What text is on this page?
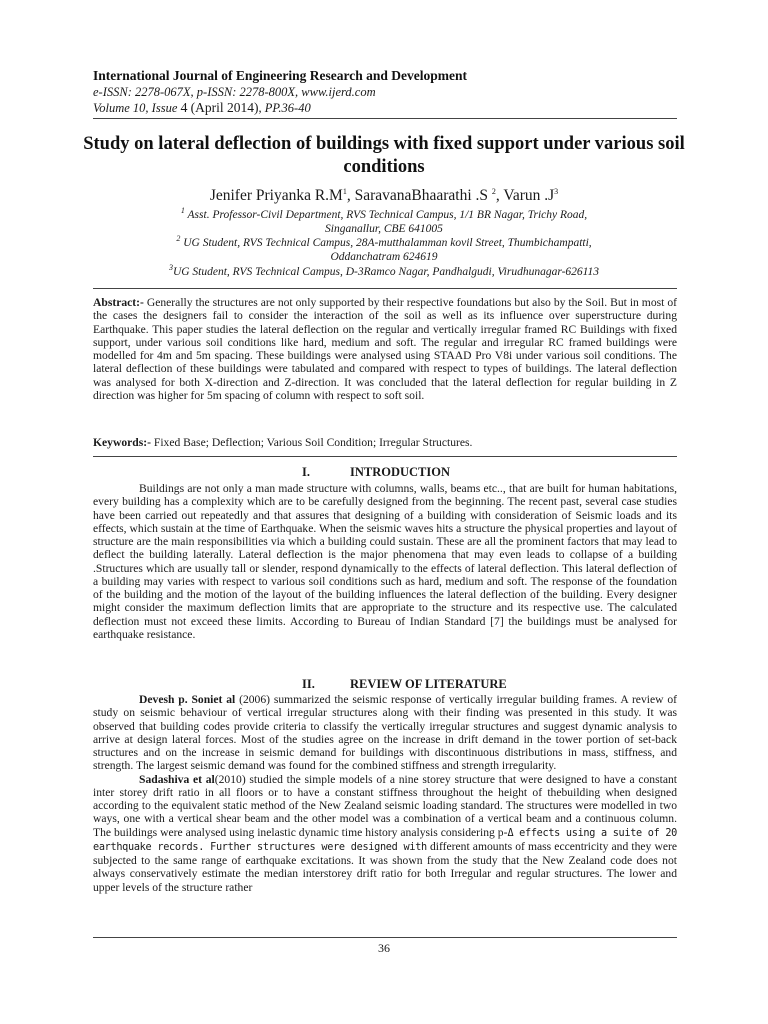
International Journal of Engineering Research and Development
e-ISSN: 2278-067X, p-ISSN: 2278-800X, www.ijerd.com
Volume 10, Issue 4 (April 2014), PP.36-40
Study on lateral deflection of buildings with fixed support under various soil conditions
Jenifer Priyanka $R.M^1$, SaravanaBhaarathi .S $^2$, Varun $.J^3$
$^1$ Asst. Professor-Civil Department, RVS Technical Campus, 1/1 BR Nagar, Trichy Road,
Singanallur, CBE 641005
$^2$ UG Student, RVS Technical Campus, 28A-mutthalamman kovil Street, Thumbichampatti,
Oddanchatram 624619
$^3$UG Student, RVS Technical Campus, D-3Ramco Nagar, Pandhalgudi, Virudhunagar-626113

Abstract:- Generally the structures are not only supported by their respective foundations but also by the Soil. But in most of the cases the designers fail to consider the interaction of the soil as well as its influence over superstructure during Earthquake. This paper studies the lateral deflection on the regular and vertically irregular framed RC Buildings with fixed support, under various soil conditions like hard, medium and soft. The regular and irregular RC framed buildings were modelled for 4m and 5m spacing. These buildings were analysed using STAAD Pro V8i under various soil conditions. The lateral deflection of these buildings were tabulated and compared with respect to types of buildings. The lateral deflection was analysed for both X-direction and Z-direction. It was concluded that the lateral deflection for regular building in Z direction was higher for 5m spacing of column with respect to soft soil.

Keywords:- Fixed Base; Deflection; Various Soil Condition; Irregular Structures.

I.	INTRODUCTION

Buildings are not only a man made structure with columns, walls, beams etc.., that are built for human habitations, every building has a complexity which are to be carefully designed from the beginning. The recent past, several case studies have been carried out repeatedly and that assures that designing of a building with consideration of Seismic loads and its effects, which sustain at the time of Earthquake. When the seismic waves hits a structure the physical properties and layout of structure are the main responsibilities via which a building could sustain. These are all the prominent factors that may lead to deflect the building laterally. Lateral deflection is the major phenomena that may even leads to collapse of a building .Structures which are usually tall or slender, respond dynamically to the effects of lateral deflection. This lateral deflection of a building may varies with respect to various soil conditions such as hard, medium and soft. The response of the foundation of the building and the motion of the layout of the building influences the lateral deflection of the building. Every designer might consider the maximum deflection limits that are appropriate to the structure and its respective use. The calculated deflection must not exceed these limits. According to Bureau of Indian Standard [7] the buildings must be analysed for earthquake resistance.

II.	REVIEW OF LITERATURE

Devesh p. Soniet al (2006) summarized the seismic response of vertically irregular building frames. A review of study on seismic behaviour of vertical irregular structures along with their finding was presented in this study. It was observed that building codes provide criteria to classify the vertically irregular structures and suggest dynamic analysis to arrive at design lateral forces. Most of the studies agree on the increase in drift demand in the tower portion of set-back structures and on the increase in seismic demand for buildings with discontinuous distributions in mass, stiffness, and strength. The largest seismic demand was found for the combined stiffness and strength irregularity.

Sadashiva et al(2010) studied the simple models of a nine storey structure that were designed to have a constant inter storey drift ratio in all floors or to have a constant stiffness throughout the height of thebuilding when designed according to the equivalent static method of the New Zealand seismic loading standard. The structures were modelled in two ways, one with a vertical shear beam and the other model was a combination of a vertical beam and a continuous column. The buildings were analysed using inelastic dynamic time history analysis considering p-Δ effects using a suite of 20 earthquake records. Further structures were designed with different amounts of mass eccentricity and they were subjected to the same range of earthquake excitations. It was shown from the study that the New Zealand code does not always conservatively estimate the median interstorey drift ratio for both Irregular and regular structures. The lower and upper levels of the structure rather

36
